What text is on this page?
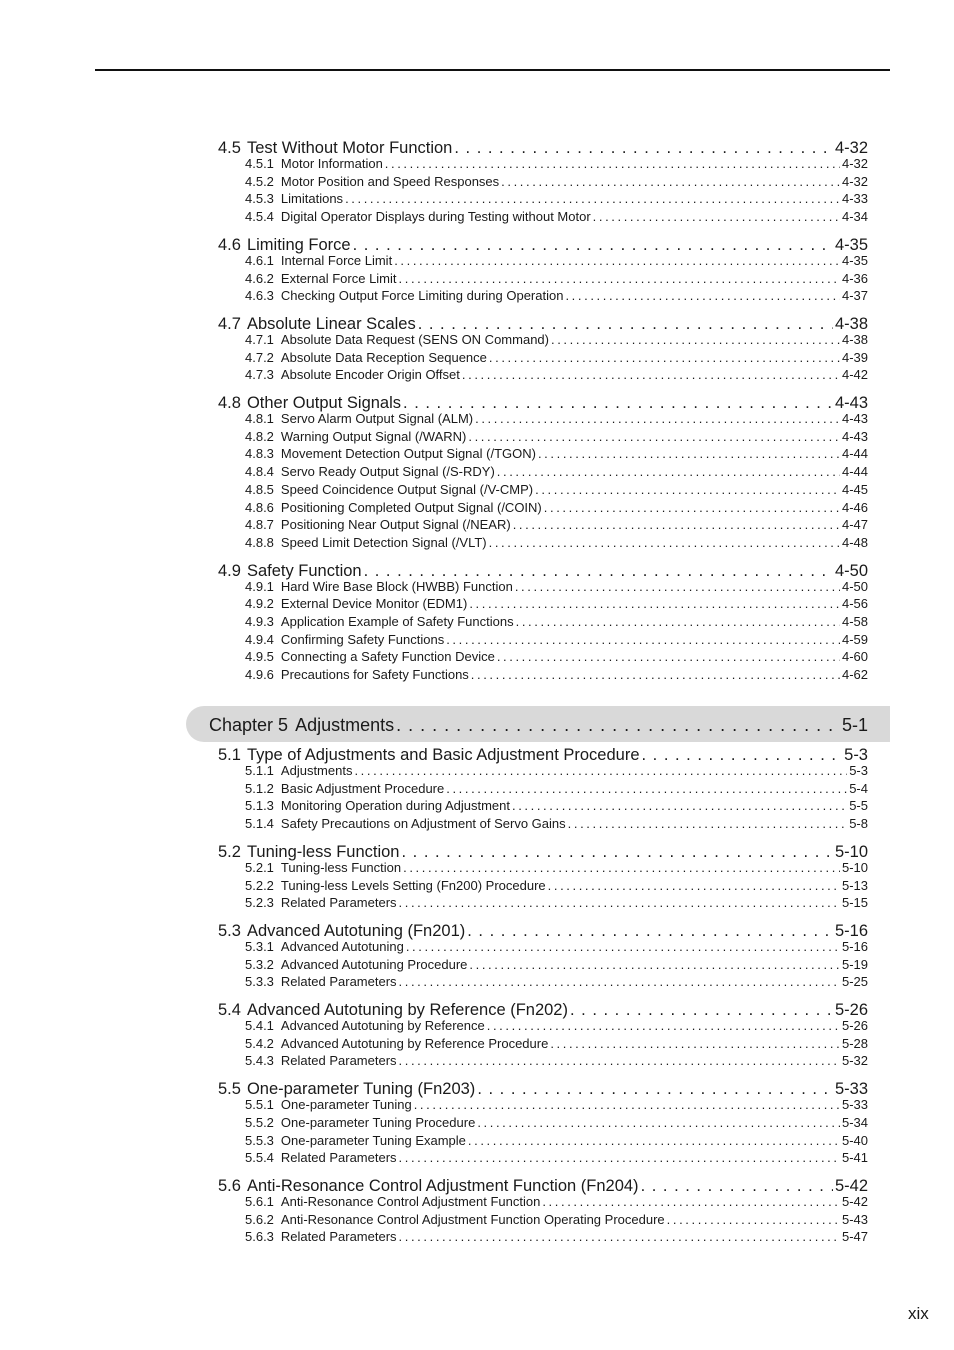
4.5 Test Without Motor Function . . .	4-32
4.5.1 Motor Information .....	4-32
4.5.2 Motor Position and Speed Responses .....	4-32
4.5.3 Limitations .....	4-33
4.5.4 Digital Operator Displays during Testing without Motor .....	4-34
4.6 Limiting Force . . .	4-35
4.6.1 Internal Force Limit .....	4-35
4.6.2 External Force Limit .....	4-36
4.6.3 Checking Output Force Limiting during Operation .....	4-37
4.7 Absolute Linear Scales . . .	4-38
4.7.1 Absolute Data Request (SENS ON Command) .....	4-38
4.7.2 Absolute Data Reception Sequence .....	4-39
4.7.3 Absolute Encoder Origin Offset .....	4-42
4.8 Other Output Signals . . .	4-43
4.8.1 Servo Alarm Output Signal (ALM) .....	4-43
4.8.2 Warning Output Signal (/WARN) .....	4-43
4.8.3 Movement Detection Output Signal (/TGON) .....	4-44
4.8.4 Servo Ready Output Signal (/S-RDY) .....	4-44
4.8.5 Speed Coincidence Output Signal (/V-CMP) .....	4-45
4.8.6 Positioning Completed Output Signal (/COIN) .....	4-46
4.8.7 Positioning Near Output Signal (/NEAR) .....	4-47
4.8.8 Speed Limit Detection Signal (/VLT) .....	4-48
4.9 Safety Function . . .	4-50
4.9.1 Hard Wire Base Block (HWBB) Function .....	4-50
4.9.2 External Device Monitor (EDM1) .....	4-56
4.9.3 Application Example of Safety Functions .....	4-58
4.9.4 Confirming Safety Functions .....	4-59
4.9.5 Connecting a Safety Function Device .....	4-60
4.9.6 Precautions for Safety Functions .....	4-62
Chapter 5 Adjustments . . .	5-1
5.1 Type of Adjustments and Basic Adjustment Procedure . . .	5-3
5.1.1 Adjustments .....	5-3
5.1.2 Basic Adjustment Procedure .....	5-4
5.1.3 Monitoring Operation during Adjustment .....	5-5
5.1.4 Safety Precautions on Adjustment of Servo Gains .....	5-8
5.2 Tuning-less Function . . .	5-10
5.2.1 Tuning-less Function .....	5-10
5.2.2 Tuning-less Levels Setting (Fn200) Procedure .....	5-13
5.2.3 Related Parameters .....	5-15
5.3 Advanced Autotuning (Fn201) . . .	5-16
5.3.1 Advanced Autotuning .....	5-16
5.3.2 Advanced Autotuning Procedure .....	5-19
5.3.3 Related Parameters .....	5-25
5.4 Advanced Autotuning by Reference (Fn202) . . .	5-26
5.4.1 Advanced Autotuning by Reference .....	5-26
5.4.2 Advanced Autotuning by Reference Procedure .....	5-28
5.4.3 Related Parameters .....	5-32
5.5 One-parameter Tuning (Fn203) . . .	5-33
5.5.1 One-parameter Tuning .....	5-33
5.5.2 One-parameter Tuning Procedure .....	5-34
5.5.3 One-parameter Tuning Example .....	5-40
5.5.4 Related Parameters .....	5-41
5.6 Anti-Resonance Control Adjustment Function (Fn204) . . .	5-42
5.6.1 Anti-Resonance Control Adjustment Function .....	5-42
5.6.2 Anti-Resonance Control Adjustment Function Operating Procedure .....	5-43
5.6.3 Related Parameters .....	5-47
xix
